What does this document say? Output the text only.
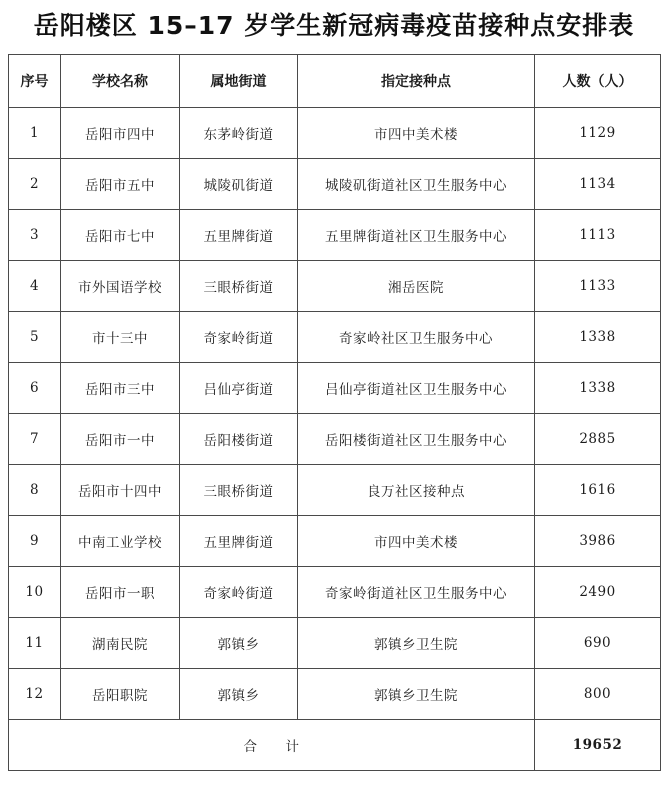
岳阳楼区 15–17 岁学生新冠病毒疫苗接种点安排表
序号	学校名称	属地街道	指定接种点	人数（人）
1	岳阳市四中	东茅岭街道	市四中美术楼	1129
2	岳阳市五中	城陵矶街道	城陵矶街道社区卫生服务中心	1134
3	岳阳市七中	五里牌街道	五里牌街道社区卫生服务中心	1113
4	市外国语学校	三眼桥街道	湘岳医院	1133
5	市十三中	奇家岭街道	奇家岭社区卫生服务中心	1338
6	岳阳市三中	吕仙亭街道	吕仙亭街道社区卫生服务中心	1338
7	岳阳市一中	岳阳楼街道	岳阳楼街道社区卫生服务中心	2885
8	岳阳市十四中	三眼桥街道	良万社区接种点	1616
9	中南工业学校	五里牌街道	市四中美术楼	3986
10	岳阳市一职	奇家岭街道	奇家岭街道社区卫生服务中心	2490
11	湖南民院	郭镇乡	郭镇乡卫生院	690
12	岳阳职院	郭镇乡	郭镇乡卫生院	800
合　　计				19652
